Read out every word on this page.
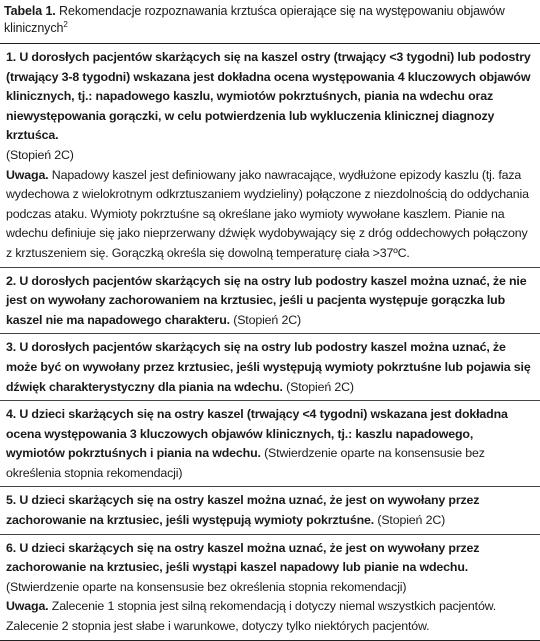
Tabela 1. Rekomendacje rozpoznawania krztuśca opierające się na występowaniu objawów klinicznych$^2$
1. U dorosłych pacjentów skarżących się na kaszel ostry (trwający <3 tygodni) lub podostry (trwający 3-8 tygodni) wskazana jest dokładna ocena występowania 4 kluczowych objawów klinicznych, tj.: napadowego kaszlu, wymiotów pokrztuśnych, piania na wdechu oraz niewystępowania gorączki, w celu potwierdzenia lub wykluczenia klinicznej diagnozy krztuśca.
(Stopień 2C)
Uwaga. Napadowy kaszel jest definiowany jako nawracające, wydłużone epizody kaszlu (tj. faza wydechowa z wielokrotnym odkrztuszaniem wydzieliny) połączone z niezdolnością do oddychania podczas ataku. Wymioty pokrztuśne są określane jako wymioty wywołane kaszlem. Pianie na wdechu definiuje się jako nieprzerwany dźwięk wydobywający się z dróg oddechowych połączony z krztuszeniem się. Gorączką określa się dowolną temperaturę ciała >37ºC.
2. U dorosłych pacjentów skarżących się na ostry lub podostry kaszel można uznać, że nie jest on wywołany zachorowaniem na krztusiec, jeśli u pacjenta występuje gorączka lub kaszel nie ma napadowego charakteru. (Stopień 2C)
3. U dorosłych pacjentów skarżących się na ostry lub podostry kaszel można uznać, że może być on wywołany przez krztusiec, jeśli występują wymioty pokrztuśne lub pojawia się dźwięk charakterystyczny dla piania na wdechu. (Stopień 2C)
4. U dzieci skarżących się na ostry kaszel (trwający <4 tygodni) wskazana jest dokładna ocena występowania 3 kluczowych objawów klinicznych, tj.: kaszlu napadowego, wymiotów pokrztuśnych i piania na wdechu. (Stwierdzenie oparte na konsensusie bez określenia stopnia rekomendacji)
5. U dzieci skarżących się na ostry kaszel można uznać, że jest on wywołany przez zachorowanie na krztusiec, jeśli występują wymioty pokrztuśne. (Stopień 2C)
6. U dzieci skarżących się na ostry kaszel można uznać, że jest on wywołany przez zachorowanie na krztusiec, jeśli wystąpi kaszel napadowy lub pianie na wdechu. (Stwierdzenie oparte na konsensusie bez określenia stopnia rekomendacji)
Uwaga. Zalecenie 1 stopnia jest silną rekomendacją i dotyczy niemal wszystkich pacjentów. Zalecenie 2 stopnia jest słabe i warunkowe, dotyczy tylko niektórych pacjentów.
